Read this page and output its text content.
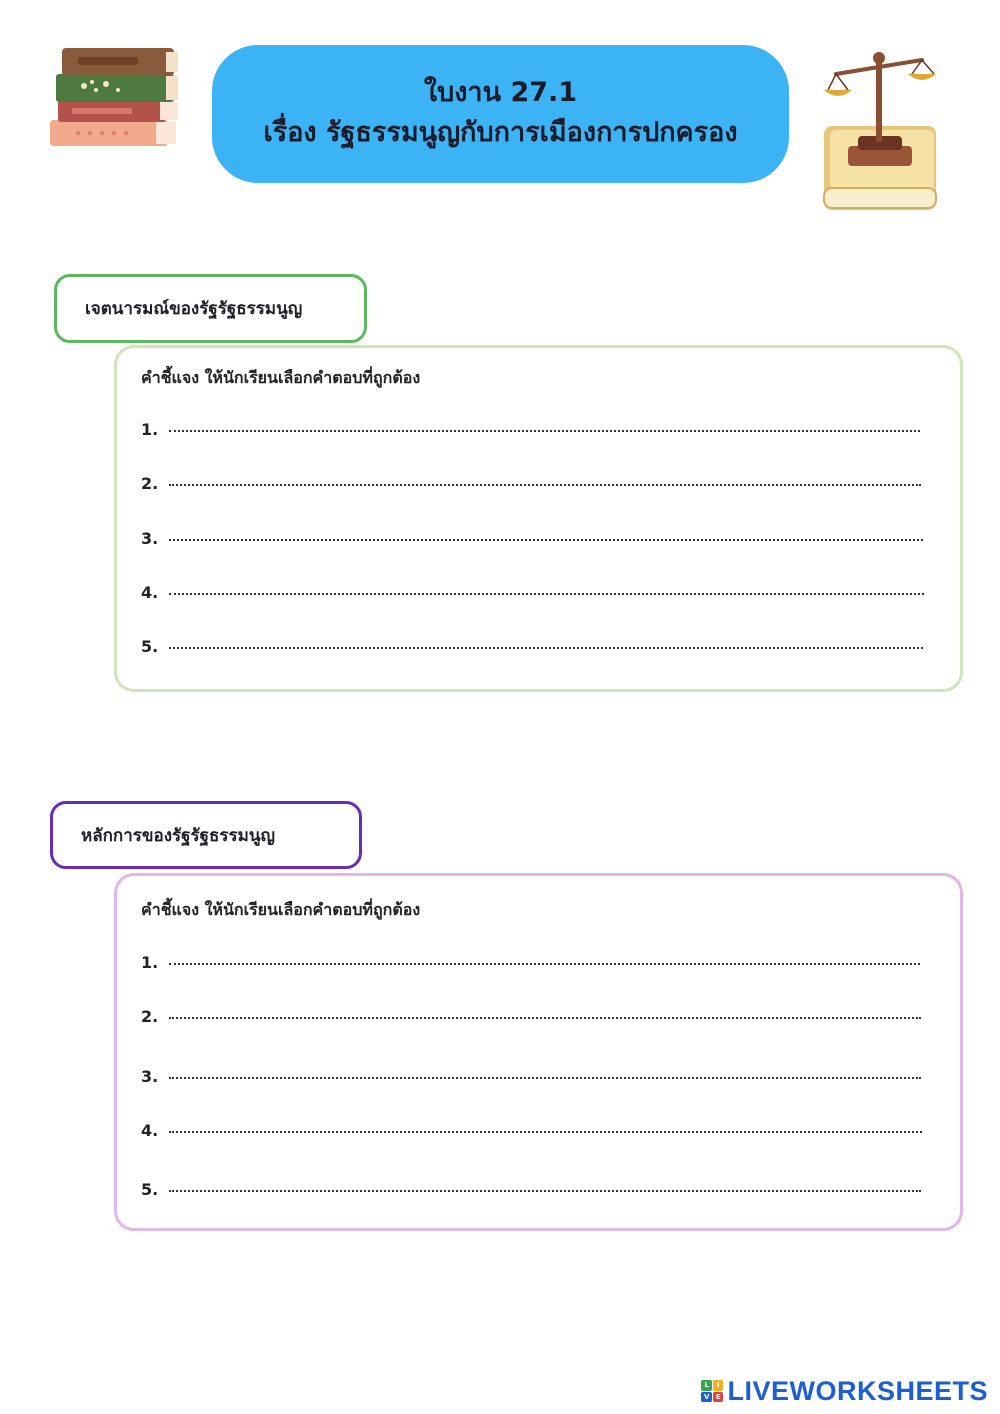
ใบงาน 27.1
เรื่อง รัฐธรรมนูญกับการเมืองการปกครอง
เจตนารมณ์ของรัฐรัฐธรรมนูญ
คำชี้แจง ให้นักเรียนเลือกคำตอบที่ถูกต้อง
1.
2.
3.
4.
5.
หลักการของรัฐรัฐธรรมนูญ
คำชี้แจง ให้นักเรียนเลือกคำตอบที่ถูกต้อง
1.
2.
3.
4.
5.
L	I
V E LIVEWORKSHEETS
